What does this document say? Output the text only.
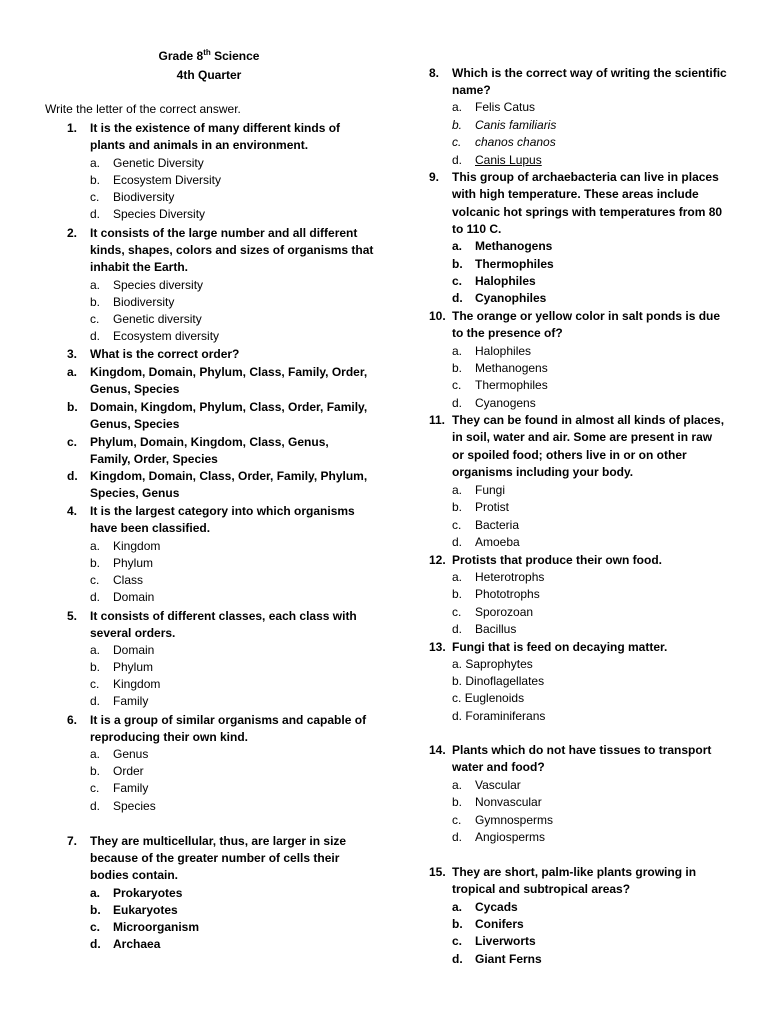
Grade 8th Science
4th Quarter
Write the letter of the correct answer.
1. It is the existence of many different kinds of
plants and animals in an environment.
a. Genetic Diversity
b. Ecosystem Diversity
c. Biodiversity
d. Species Diversity
2. It consists of the large number and all different
kinds, shapes, colors and sizes of organisms that
inhabit the Earth.
a. Species diversity
b. Biodiversity
c. Genetic diversity
d. Ecosystem diversity
3. What is the correct order?
a. Kingdom, Domain, Phylum, Class, Family, Order,
Genus, Species
b. Domain, Kingdom, Phylum, Class, Order, Family,
Genus, Species
c. Phylum, Domain, Kingdom, Class, Genus,
Family, Order, Species
d. Kingdom, Domain, Class, Order, Family, Phylum,
Species, Genus
4. It is the largest category into which organisms
have been classified.
a. Kingdom
b. Phylum
c. Class
d. Domain
5. It consists of different classes, each class with
several orders.
a. Domain
b. Phylum
c. Kingdom
d. Family
6. It is a group of similar organisms and capable of
reproducing their own kind.
a. Genus
b. Order
c. Family
d. Species
7. They are multicellular, thus, are larger in size
because of the greater number of cells their
bodies contain.
a. Prokaryotes
b. Eukaryotes
c. Microorganism
d. Archaea
8. Which is the correct way of writing the scientific
name?
a. Felis Catus
b. Canis familiaris
c. chanos chanos
d. Canis Lupus
9. This group of archaebacteria can live in places
with high temperature. These areas include
volcanic hot springs with temperatures from 80
to 110 C.
a. Methanogens
b. Thermophiles
c. Halophiles
d. Cyanophiles
10. The orange or yellow color in salt ponds is due
to the presence of?
a. Halophiles
b. Methanogens
c. Thermophiles
d. Cyanogens
11. They can be found in almost all kinds of places,
in soil, water and air. Some are present in raw
or spoiled food; others live in or on other
organisms including your body.
a. Fungi
b. Protist
c. Bacteria
d. Amoeba
12. Protists that produce their own food.
a. Heterotrophs
b. Phototrophs
c. Sporozoan
d. Bacillus
13. Fungi that is feed on decaying matter.
a. Saprophytes
b. Dinoflagellates
c. Euglenoids
d. Foraminiferans
14. Plants which do not have tissues to transport
water and food?
a. Vascular
b. Nonvascular
c. Gymnosperms
d. Angiosperms
15. They are short, palm-like plants growing in
tropical and subtropical areas?
a. Cycads
b. Conifers
c. Liverworts
d. Giant Ferns
